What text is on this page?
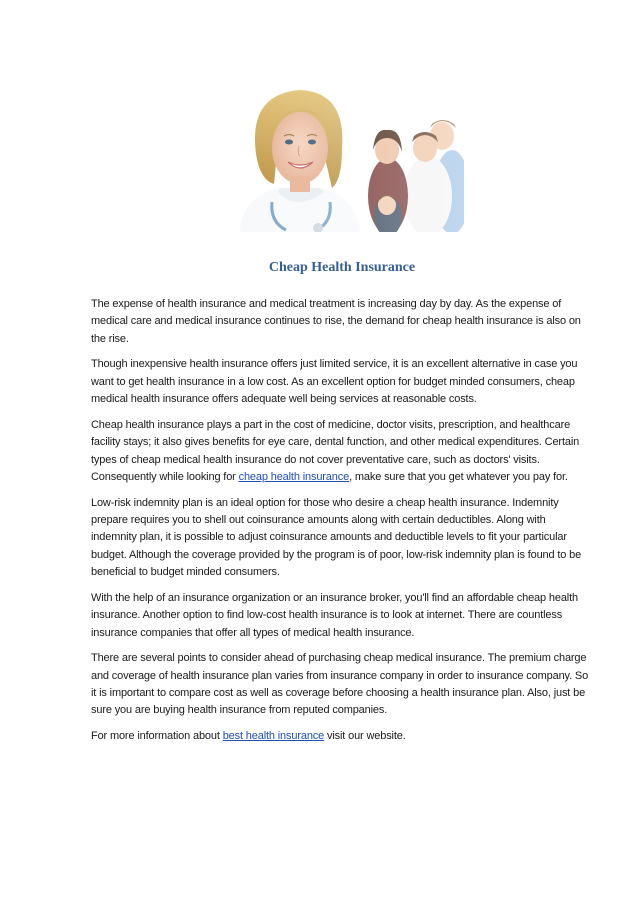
Cheap Health Insurance

The expense of health insurance and medical treatment is increasing day by day. As the expense of medical care and medical insurance continues to rise, the demand for cheap health insurance is also on the rise.

Though inexpensive health insurance offers just limited service, it is an excellent alternative in case you want to get health insurance in a low cost. As an excellent option for budget minded consumers, cheap medical health insurance offers adequate well being services at reasonable costs.

Cheap health insurance plays a part in the cost of medicine, doctor visits, prescription, and healthcare facility stays; it also gives benefits for eye care, dental function, and other medical expenditures. Certain types of cheap medical health insurance do not cover preventative care, such as doctors' visits. Consequently while looking for cheap health insurance, make sure that you get whatever you pay for.

Low-risk indemnity plan is an ideal option for those who desire a cheap health insurance. Indemnity prepare requires you to shell out coinsurance amounts along with certain deductibles. Along with indemnity plan, it is possible to adjust coinsurance amounts and deductible levels to fit your particular budget. Although the coverage provided by the program is of poor, low-risk indemnity plan is found to be beneficial to budget minded consumers.

With the help of an insurance organization or an insurance broker, you'll find an affordable cheap health insurance. Another option to find low-cost health insurance is to look at internet. There are countless insurance companies that offer all types of medical health insurance.

There are several points to consider ahead of purchasing cheap medical insurance. The premium charge and coverage of health insurance plan varies from insurance company in order to insurance company. So it is important to compare cost as well as coverage before choosing a health insurance plan. Also, just be sure you are buying health insurance from reputed companies.

For more information about best health insurance visit our website.
